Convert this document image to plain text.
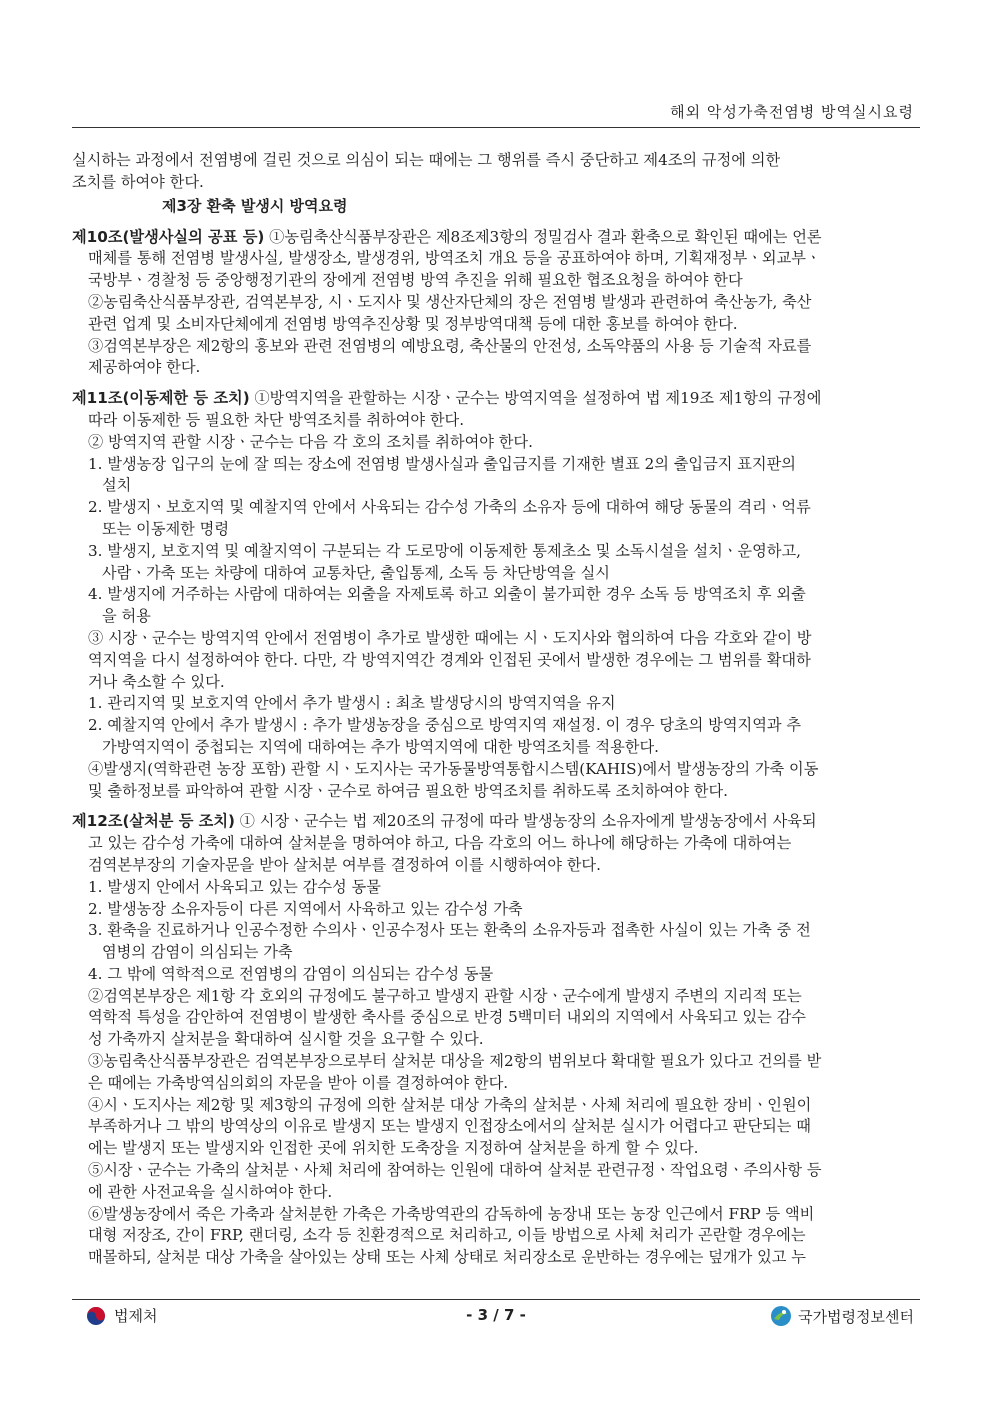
해외 악성가축전염병 방역실시요령
실시하는 과정에서 전염병에 걸린 것으로 의심이 되는 때에는 그 행위를 즉시 중단하고 제4조의 규정에 의한
조치를 하여야 한다.
제3장 환축 발생시 방역요령
제10조(발생사실의 공표 등) ①농림축산식품부장관은 제8조제3항의 정밀검사 결과 환축으로 확인된 때에는 언론
매체를 통해 전염병 발생사실, 발생장소, 발생경위, 방역조치 개요 등을 공표하여야 하며, 기획재정부ㆍ외교부ㆍ
국방부ㆍ경찰청 등 중앙행정기관의 장에게 전염병 방역 추진을 위해 필요한 협조요청을 하여야 한다
②농림축산식품부장관, 검역본부장, 시ㆍ도지사 및 생산자단체의 장은 전염병 발생과 관련하여 축산농가, 축산
관련 업계 및 소비자단체에게 전염병 방역추진상황 및 정부방역대책 등에 대한 홍보를 하여야 한다.
③검역본부장은 제2항의 홍보와 관련 전염병의 예방요령, 축산물의 안전성, 소독약품의 사용 등 기술적 자료를
제공하여야 한다.
제11조(이동제한 등 조치) ①방역지역을 관할하는 시장ㆍ군수는 방역지역을 설정하여 법 제19조 제1항의 규정에
따라 이동제한 등 필요한 차단 방역조치를 취하여야 한다.
② 방역지역 관할 시장ㆍ군수는 다음 각 호의 조치를 취하여야 한다.
1. 발생농장 입구의 눈에 잘 띄는 장소에 전염병 발생사실과 출입금지를 기재한 별표 2의 출입금지 표지판의
설치
2. 발생지ㆍ보호지역 및 예찰지역 안에서 사육되는 감수성 가축의 소유자 등에 대하여 해당 동물의 격리ㆍ억류
또는 이동제한 명령
3. 발생지, 보호지역 및 예찰지역이 구분되는 각 도로망에 이동제한 통제초소 및 소독시설을 설치ㆍ운영하고,
사람ㆍ가축 또는 차량에 대하여 교통차단, 출입통제, 소독 등 차단방역을 실시
4. 발생지에 거주하는 사람에 대하여는 외출을 자제토록 하고 외출이 불가피한 경우 소독 등 방역조치 후 외출
을 허용
③ 시장ㆍ군수는 방역지역 안에서 전염병이 추가로 발생한 때에는 시ㆍ도지사와 협의하여 다음 각호와 같이 방
역지역을 다시 설정하여야 한다. 다만, 각 방역지역간 경계와 인접된 곳에서 발생한 경우에는 그 범위를 확대하
거나 축소할 수 있다.
1. 관리지역 및 보호지역 안에서 추가 발생시 : 최초 발생당시의 방역지역을 유지
2. 예찰지역 안에서 추가 발생시 : 추가 발생농장을 중심으로 방역지역 재설정. 이 경우 당초의 방역지역과 추
가방역지역이 중첩되는 지역에 대하여는 추가 방역지역에 대한 방역조치를 적용한다.
④발생지(역학관련 농장 포함) 관할 시ㆍ도지사는 국가동물방역통합시스템(KAHIS)에서 발생농장의 가축 이동
및 출하정보를 파악하여 관할 시장ㆍ군수로 하여금 필요한 방역조치를 취하도록 조치하여야 한다.
제12조(살처분 등 조치) ① 시장ㆍ군수는 법 제20조의 규정에 따라 발생농장의 소유자에게 발생농장에서 사육되
고 있는 감수성 가축에 대하여 살처분을 명하여야 하고, 다음 각호의 어느 하나에 해당하는 가축에 대하여는
검역본부장의 기술자문을 받아 살처분 여부를 결정하여 이를 시행하여야 한다.
1. 발생지 안에서 사육되고 있는 감수성 동물
2. 발생농장 소유자등이 다른 지역에서 사육하고 있는 감수성 가축
3. 환축을 진료하거나 인공수정한 수의사ㆍ인공수정사 또는 환축의 소유자등과 접촉한 사실이 있는 가축 중 전
염병의 감염이 의심되는 가축
4. 그 밖에 역학적으로 전염병의 감염이 의심되는 감수성 동물
②검역본부장은 제1항 각 호외의 규정에도 불구하고 발생지 관할 시장ㆍ군수에게 발생지 주변의 지리적 또는
역학적 특성을 감안하여 전염병이 발생한 축사를 중심으로 반경 5백미터 내외의 지역에서 사육되고 있는 감수
성 가축까지 살처분을 확대하여 실시할 것을 요구할 수 있다.
③농림축산식품부장관은 검역본부장으로부터 살처분 대상을 제2항의 범위보다 확대할 필요가 있다고 건의를 받
은 때에는 가축방역심의회의 자문을 받아 이를 결정하여야 한다.
④시ㆍ도지사는 제2항 및 제3항의 규정에 의한 살처분 대상 가축의 살처분ㆍ사체 처리에 필요한 장비ㆍ인원이
부족하거나 그 밖의 방역상의 이유로 발생지 또는 발생지 인접장소에서의 살처분 실시가 어렵다고 판단되는 때
에는 발생지 또는 발생지와 인접한 곳에 위치한 도축장을 지정하여 살처분을 하게 할 수 있다.
⑤시장ㆍ군수는 가축의 살처분ㆍ사체 처리에 참여하는 인원에 대하여 살처분 관련규정ㆍ작업요령ㆍ주의사항 등
에 관한 사전교육을 실시하여야 한다.
⑥발생농장에서 죽은 가축과 살처분한 가축은 가축방역관의 감독하에 농장내 또는 농장 인근에서 FRP 등 액비
대형 저장조, 간이 FRP, 랜더링, 소각 등 친환경적으로 처리하고, 이들 방법으로 사체 처리가 곤란할 경우에는
매몰하되, 살처분 대상 가축을 살아있는 상태 또는 사체 상태로 처리장소로 운반하는 경우에는 덮개가 있고 누
법제처	- 3 / 7 -	국가법령정보센터
